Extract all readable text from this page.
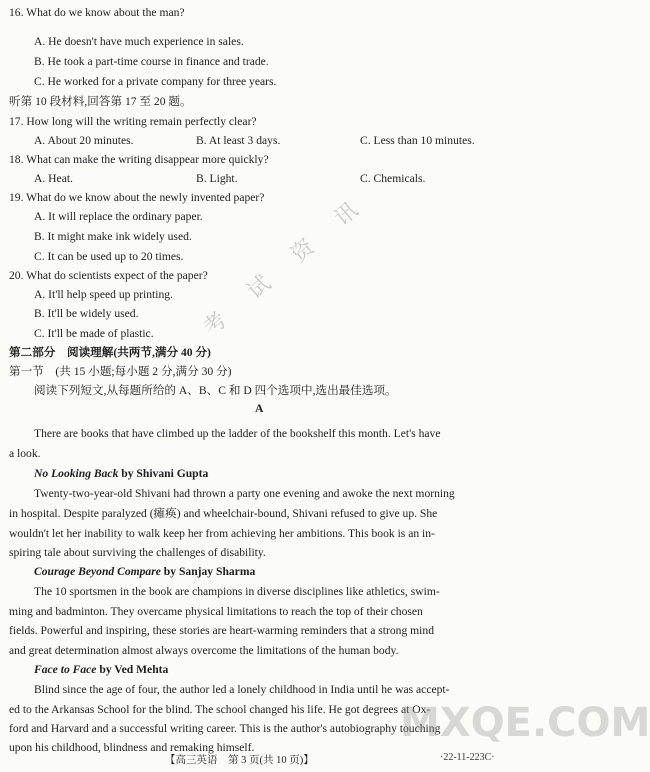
16. What do we know about the man?
A. He doesn't have much experience in sales.
B. He took a part-time course in finance and trade.
C. He worked for a private company for three years.
听第 10 段材料,回答第 17 至 20 题。
17. How long will the writing remain perfectly clear?
A. About 20 minutes.	B. At least 3 days.	C. Less than 10 minutes.
18. What can make the writing disappear more quickly?
A. Heat.	B. Light.	C. Chemicals.
19. What do we know about the newly invented paper?
A. It will replace the ordinary paper.
B. It might make ink widely used.
C. It can be used up to 20 times.
20. What do scientists expect of the paper?
A. It'll help speed up printing.
B. It'll be widely used.
C. It'll be made of plastic.
第二部分　阅读理解(共两节,满分 40 分)
第一节　(共 15 小题;每小题 2 分,满分 30 分)
阅读下列短文,从每题所给的 A、B、C 和 D 四个选项中,选出最佳选项。
A
There are books that have climbed up the ladder of the bookshelf this month. Let's have
a look.
No Looking Back by Shivani Gupta
Twenty-two-year-old Shivani had thrown a party one evening and awoke the next morning
in hospital. Despite paralyzed (瘫痪) and wheelchair-bound, Shivani refused to give up. She
wouldn't let her inability to walk keep her from achieving her ambitions. This book is an in-
spiring tale about surviving the challenges of disability.
Courage Beyond Compare by Sanjay Sharma
The 10 sportsmen in the book are champions in diverse disciplines like athletics, swim-
ming and badminton. They overcame physical limitations to reach the top of their chosen
fields. Powerful and inspiring, these stories are heart-warming reminders that a strong mind
and great determination almost always overcome the limitations of the human body.
Face to Face by Ved Mehta
Blind since the age of four, the author led a lonely childhood in India until he was accept-
ed to the Arkansas School for the blind. The school changed his life. He got degrees at Ox-
ford and Harvard and a successful writing career. This is the author's autobiography touching
upon his childhood, blindness and remaking himself.
考 试 资 讯
MXQE.COM
【高三英语　第 3 页(共 10 页)】	·22-11-223C·
